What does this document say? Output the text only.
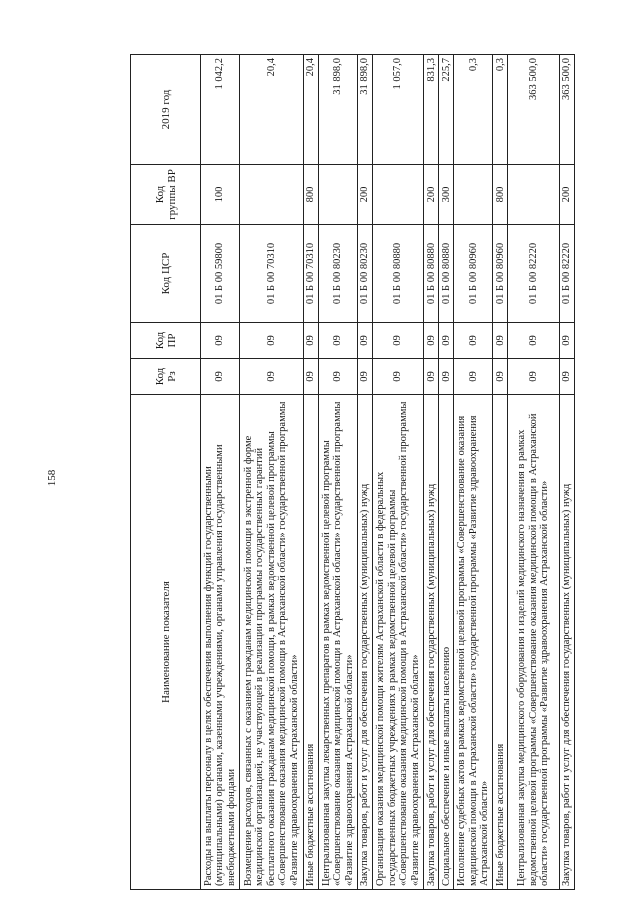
158
Наименование показателя	Код Рз	Код ПР	Код ЦСР	Код группы ВР	2019 год
Расходы на выплаты персоналу в целях обеспечения выполнения функций государственными (муниципальными) органами, казенными учреждениями, органами управления государственными внебюджетными фондами	09	09	01 Б 00 59800	100	1 042,2
Возмещение расходов, связанных с оказанием гражданам медицинской помощи в экстренной форме медицинской организацией, не участвующей в реализации программы государственных гарантий бесплатного оказания гражданам медицинской помощи, в рамках ведомственной целевой программы «Совершенствование оказания медицинской помощи в Астраханской области» государственной программы «Развитие здравоохранения Астраханской области»	09	09	01 Б 00 70310		20,4
Иные бюджетные ассигнования	09	09	01 Б 00 70310	800	20,4
Централизованная закупка лекарственных препаратов в рамках ведомственной целевой программы «Совершенствование оказания медицинской помощи в Астраханской области» государственной программы «Развитие здравоохранения Астраханской области»	09	09	01 Б 00 80230		31 898,0
Закупка товаров, работ и услуг для обеспечения государственных (муниципальных) нужд	09	09	01 Б 00 80230	200	31 898,0
Организация оказания медицинской помощи жителям Астраханской области в федеральных государственных бюджетных учреждениях в рамках ведомственной целевой программы «Совершенствование оказания медицинской помощи в Астраханской области» государственной программы «Развитие здравоохранения Астраханской области»	09	09	01 Б 00 80880		1 057,0
Закупка товаров, работ и услуг для обеспечения государственных (муниципальных) нужд	09	09	01 Б 00 80880	200	831,3
Социальное обеспечение и иные выплаты населению	09	09	01 Б 00 80880	300	225,7
Исполнение судебных актов в рамках ведомственной целевой программы «Совершенствование оказания медицинской помощи в Астраханской области» государственной программы «Развитие здравоохранения Астраханской области»	09	09	01 Б 00 80960		0,3
Иные бюджетные ассигнования	09	09	01 Б 00 80960	800	0,3
Централизованная закупка медицинского оборудования и изделий медицинского назначения в рамках ведомственной целевой программы «Совершенствование оказания медицинской помощи в Астраханской области» государственной программы «Развитие здравоохранения Астраханской области»	09	09	01 Б 00 82220		363 500,0
Закупка товаров, работ и услуг для обеспечения государственных (муниципальных) нужд	09	09	01 Б 00 82220	200	363 500,0
